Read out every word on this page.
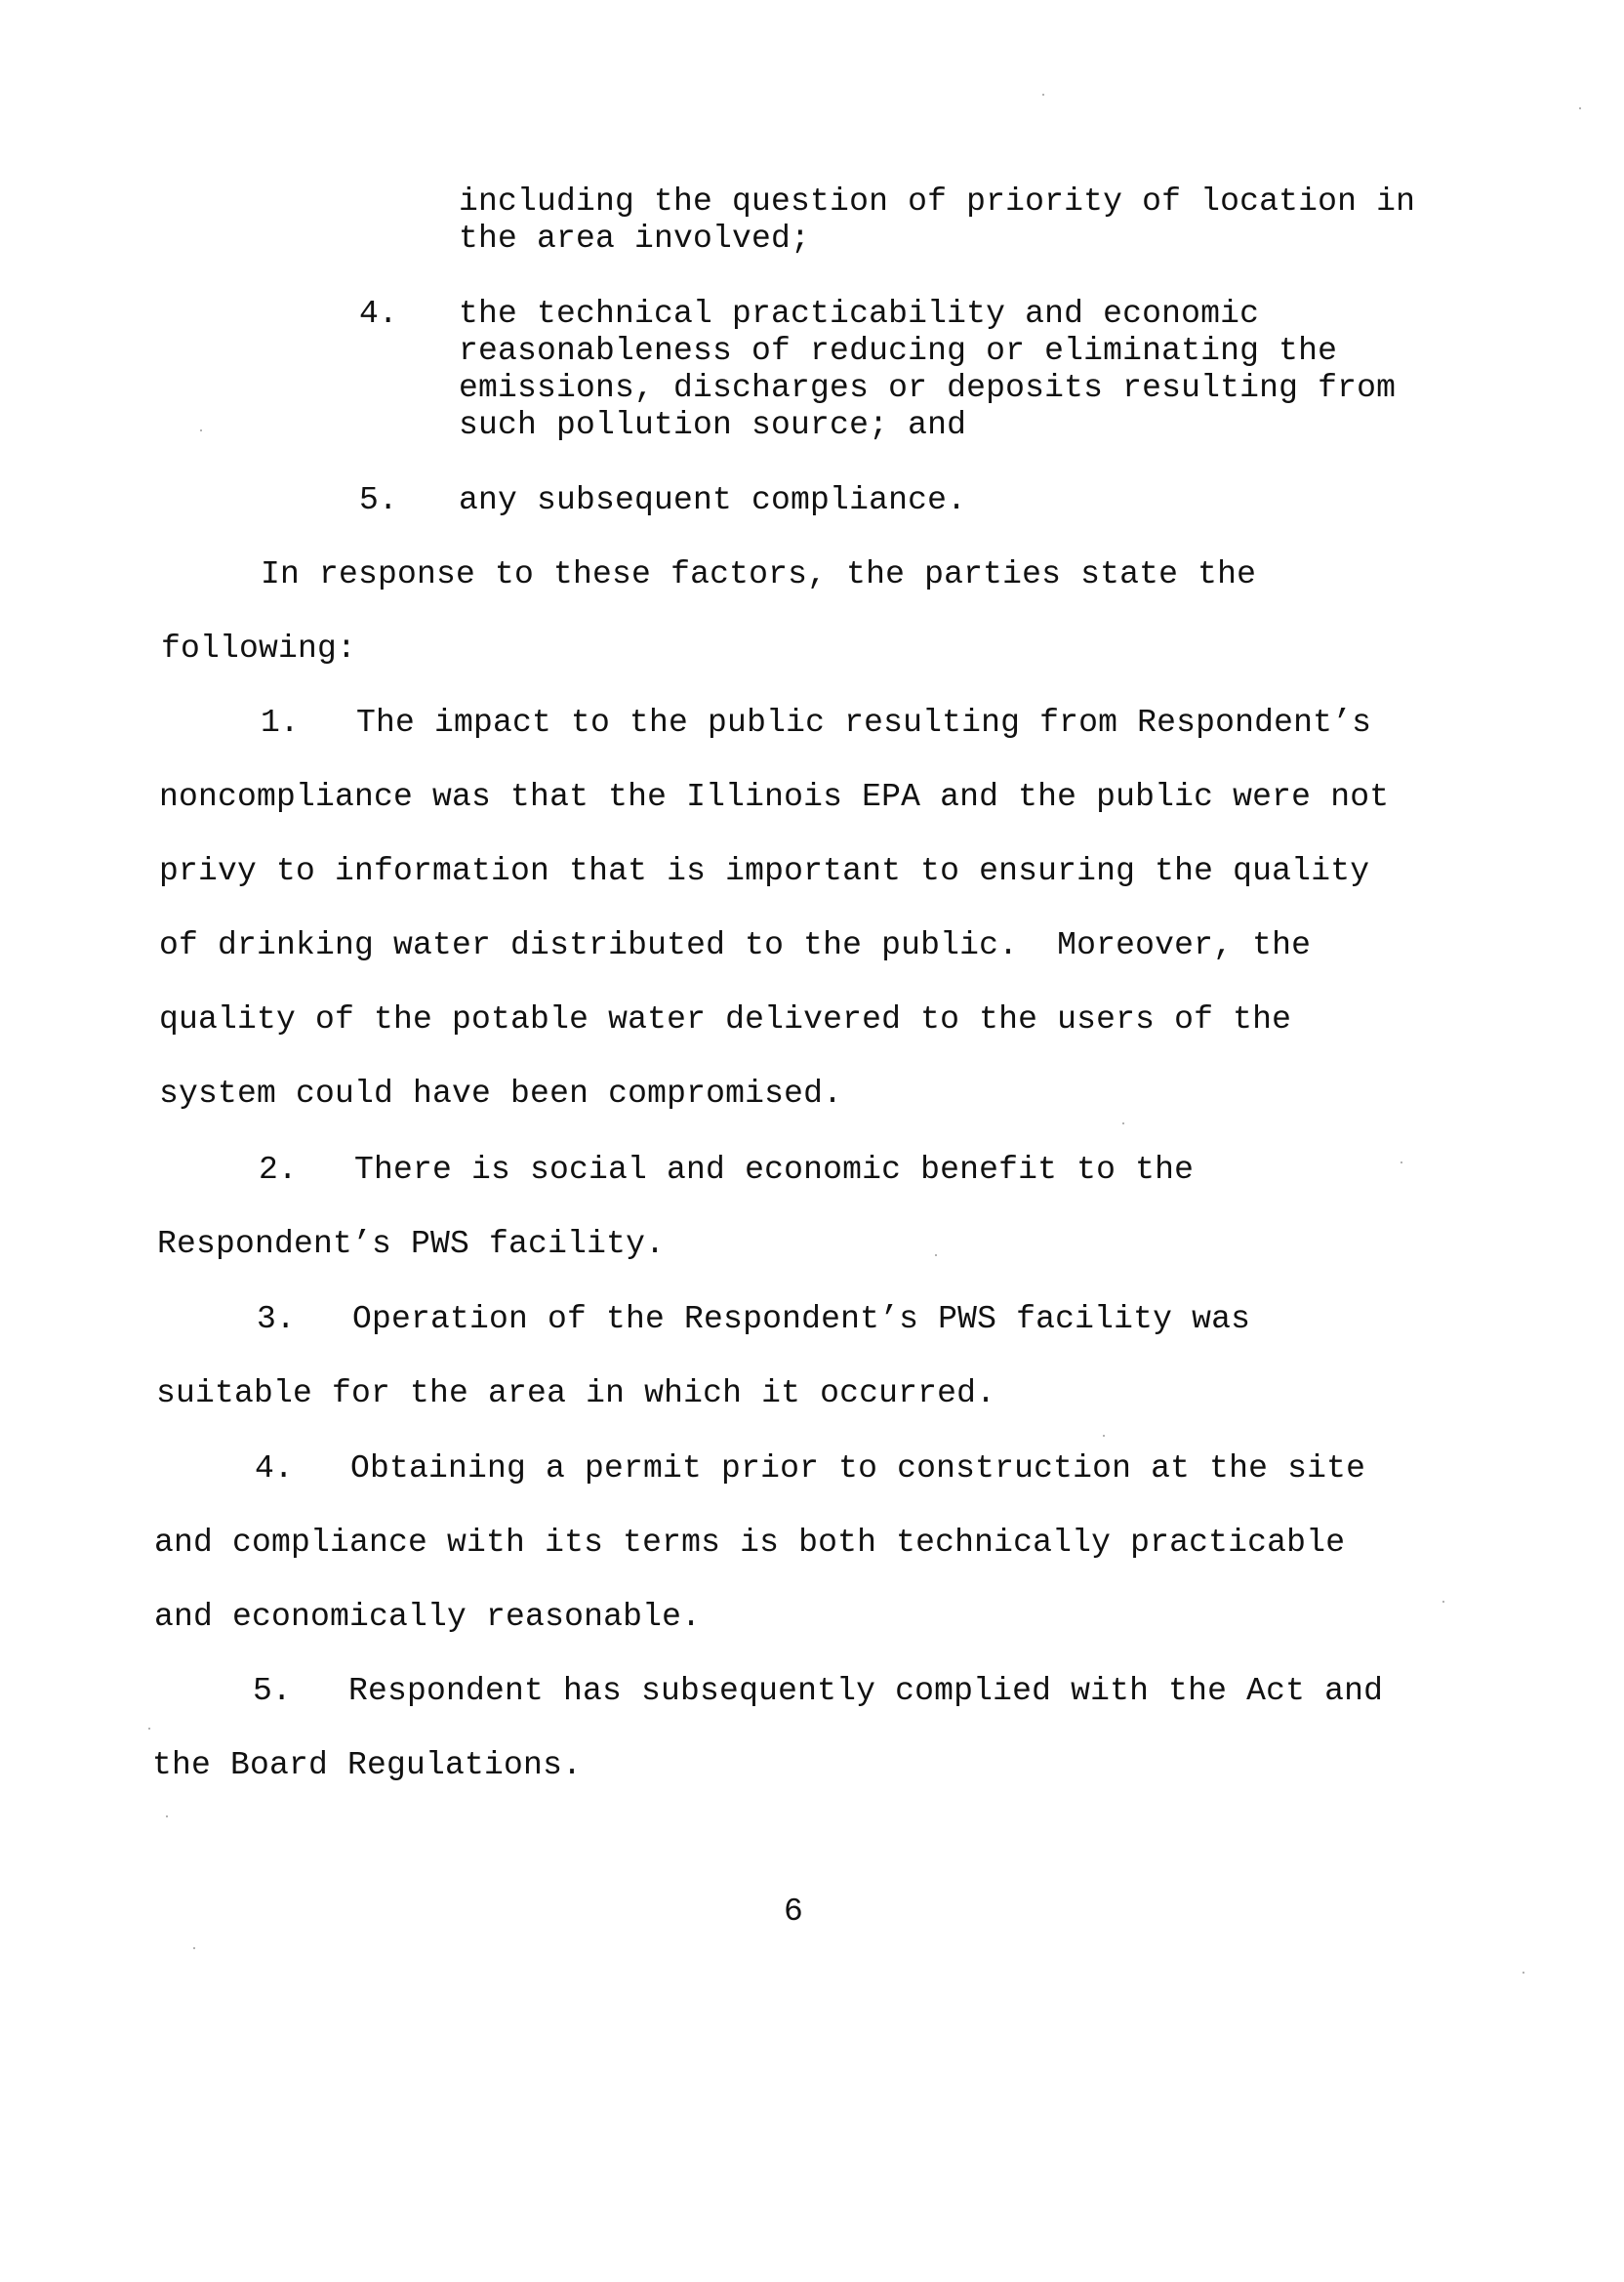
including the question of priority of location in
the area involved;
4. the technical practicability and economic
reasonableness of reducing or eliminating the
emissions, discharges or deposits resulting from
such pollution source; and
5. any subsequent compliance.
In response to these factors, the parties state the
following:
1. The impact to the public resulting from Respondent’s
noncompliance was that the Illinois EPA and the public were not
privy to information that is important to ensuring the quality
of drinking water distributed to the public.  Moreover, the
quality of the potable water delivered to the users of the
system could have been compromised.
2. There is social and economic benefit to the
Respondent’s PWS facility.
3. Operation of the Respondent’s PWS facility was
suitable for the area in which it occurred.
4. Obtaining a permit prior to construction at the site
and compliance with its terms is both technically practicable
and economically reasonable.
5. Respondent has subsequently complied with the Act and
the Board Regulations.
6
